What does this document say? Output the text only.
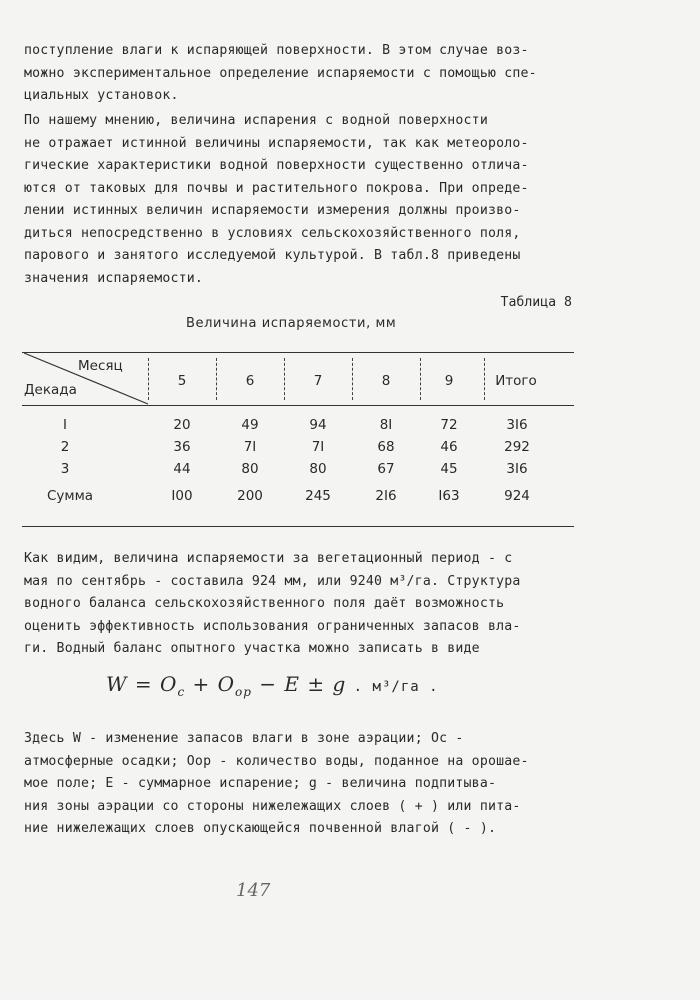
поступление влаги к испаряющей поверхности. В этом случае воз-
можно экспериментальное определение испаряемости с помощью спе-
циальных установок.
По нашему мнению, величина испарения с водной поверхности
не отражает истинной величины испаряемости, так как метеороло-
гические характеристики водной поверхности существенно отлича-
ются от таковых для почвы и растительного покрова. При опреде-
лении истинных величин испаряемости измерения должны произво-
диться непосредственно в условиях сельскохозяйственного поля,
парового и занятого исследуемой культурой. В табл.8 приведены
значения испаряемости.
Таблица 8
Величина испаряемости, мм
Месяц
Декада
5	6	7	8	9	Итого
I	20	49	94	8I	72	3I6
2	36	7I	7I	68	46	292
3	44	80	80	67	45	3I6
Сумма	I00	200	245	2I6	I63	924
Как видим, величина испаряемости за вегетационный период - с
мая по сентябрь - составила 924 мм, или 9240 м³/га. Структура
водного баланса сельскохозяйственного поля даёт возможность
оценить эффективность использования ограниченных запасов вла-
ги. Водный баланс опытного участка можно записать в виде
$W = O_c + O_{op} - E \pm g$ . м³/га .
Здесь W - изменение запасов влаги в зоне аэрации; Oc -
атмосферные осадки; Oop - количество воды, поданное на орошае-
мое поле; E - суммарное испарение; g - величина подпитыва-
ния зоны аэрации со стороны нижележащих слоев ( + ) или пита-
ние нижележащих слоев опускающейся почвенной влагой ( - ).
147
